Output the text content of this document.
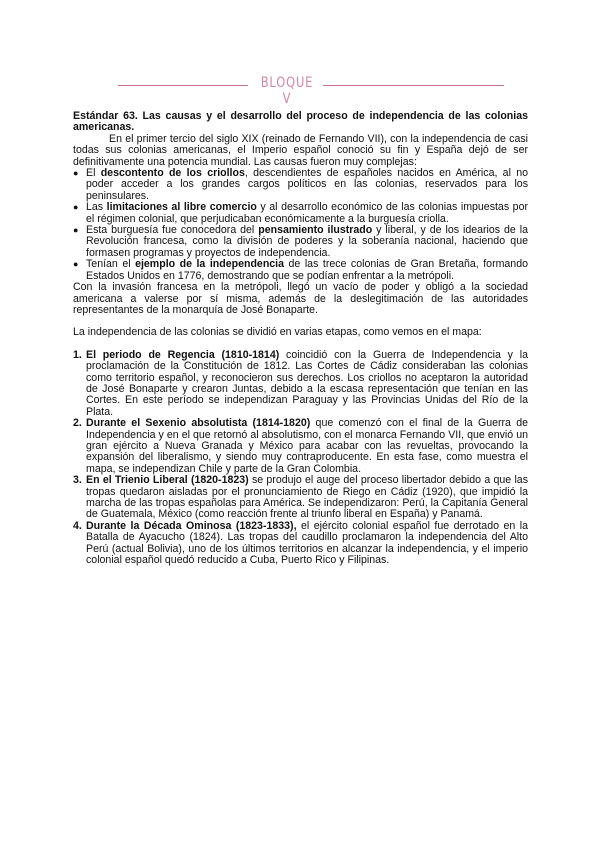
BLOQUE V

Estándar 63. Las causas y el desarrollo del proceso de independencia de las colonias americanas.

En el primer tercio del siglo XIX (reinado de Fernando VII), con la independencia de casi todas sus colonias americanas, el Imperio español conoció su fin y España dejó de ser definitivamente una potencia mundial. Las causas fueron muy complejas:

● El descontento de los criollos, descendientes de españoles nacidos en América, al no poder acceder a los grandes cargos políticos en las colonias, reservados para los peninsulares.
● Las limitaciones al libre comercio y al desarrollo económico de las colonias impuestas por el régimen colonial, que perjudicaban económicamente a la burguesía criolla.
● Esta burguesía fue conocedora del pensamiento ilustrado y liberal, y de los idearios de la Revolución francesa, como la división de poderes y la soberanía nacional, haciendo que formasen programas y proyectos de independencia.
● Tenían el ejemplo de la independencia de las trece colonias de Gran Bretaña, formando Estados Unidos en 1776, demostrando que se podían enfrentar a la metrópoli.

Con la invasión francesa en la metrópoli, llegó un vacío de poder y obligó a la sociedad americana a valerse por sí misma, además de la deslegitimación de las autoridades representantes de la monarquía de José Bonaparte.

La independencia de las colonias se dividió en varias etapas, como vemos en el mapa:

1. El periodo de Regencia (1810-1814) coincidió con la Guerra de Independencia y la proclamación de la Constitución de 1812. Las Cortes de Cádiz consideraban las colonias como territorio español, y reconocieron sus derechos. Los criollos no aceptaron la autoridad de José Bonaparte y crearon Juntas, debido a la escasa representación que tenían en las Cortes. En este período se independizan Paraguay y las Provincias Unidas del Río de la Plata.
2. Durante el Sexenio absolutista (1814-1820) que comenzó con el final de la Guerra de Independencia y en el que retornó al absolutismo, con el monarca Fernando VII, que envió un gran ejército a Nueva Granada y México para acabar con las revueltas, provocando la expansión del liberalismo, y siendo muy contraproducente. En esta fase, como muestra el mapa, se independizan Chile y parte de la Gran Colombia.
3. En el Trienio Liberal (1820-1823) se produjo el auge del proceso libertador debido a que las tropas quedaron aisladas por el pronunciamiento de Riego en Cádiz (1920), que impidió la marcha de las tropas españolas para América. Se independizaron: Perú, la Capitanía General de Guatemala, México (como reacción frente al triunfo liberal en España) y Panamá.
4. Durante la Década Ominosa (1823-1833), el ejército colonial español fue derrotado en la Batalla de Ayacucho (1824). Las tropas del caudillo proclamaron la independencia del Alto Perú (actual Bolivia), uno de los últimos territorios en alcanzar la independencia, y el imperio colonial español quedó reducido a Cuba, Puerto Rico y Filipinas.
